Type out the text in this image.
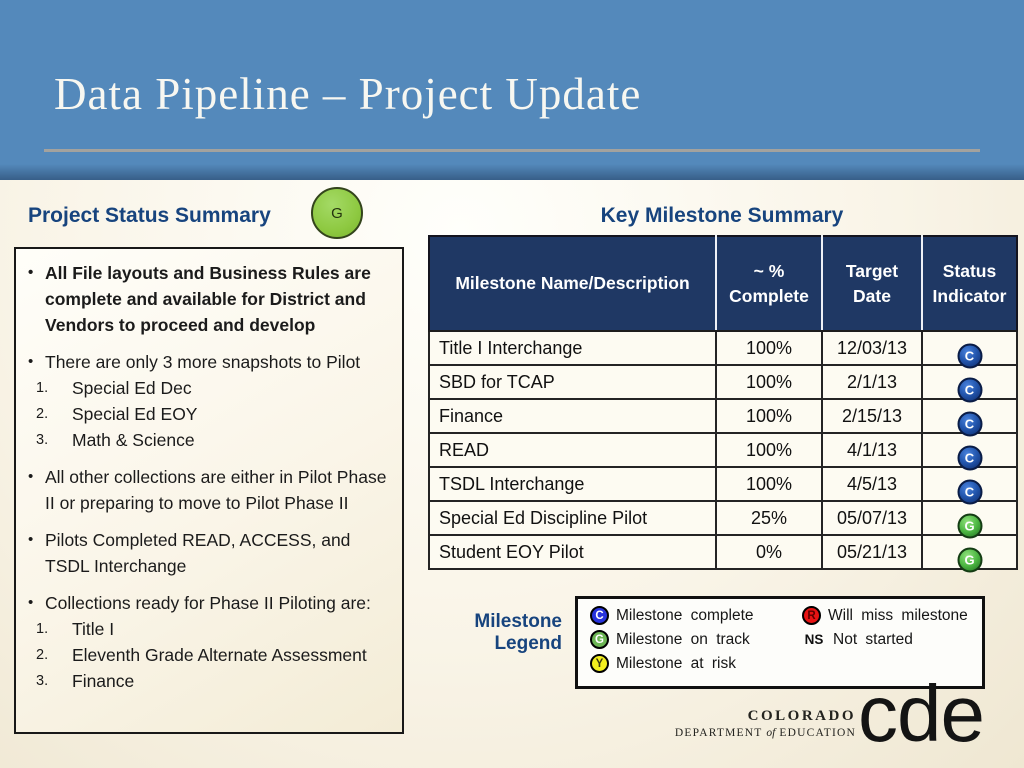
Data Pipeline – Project Update
Project Status Summary	G
• All File layouts and Business Rules are complete and available for District and Vendors to proceed and develop
• There are only 3 more snapshots to Pilot
1.	Special Ed Dec
2.	Special Ed EOY
3.	Math & Science
• All other collections are either in Pilot Phase II or preparing to move to Pilot Phase II
• Pilots Completed READ, ACCESS, and TSDL Interchange
• Collections ready for Phase II Piloting are:
1.	Title I
2.	Eleventh Grade Alternate Assessment
3.	Finance
Key Milestone Summary
Milestone Name/Description	~ % Complete	Target Date	Status Indicator
Title I Interchange	100%	12/03/13	C

SBD for TCAP	100%	2/1/13	C

Finance	100%	2/15/13	C

READ	100%	4/1/13	C

TSDL Interchange	100%	4/5/13	C

Special Ed Discipline Pilot	25%	05/07/13	G

Student EOY Pilot	0%	05/21/13	G
Milestone
Legend
C Milestone complete	R Will miss milestone
G Milestone on track	NS Not started
Y Milestone at risk
COLORADO
DEPARTMENT of EDUCATION cde
